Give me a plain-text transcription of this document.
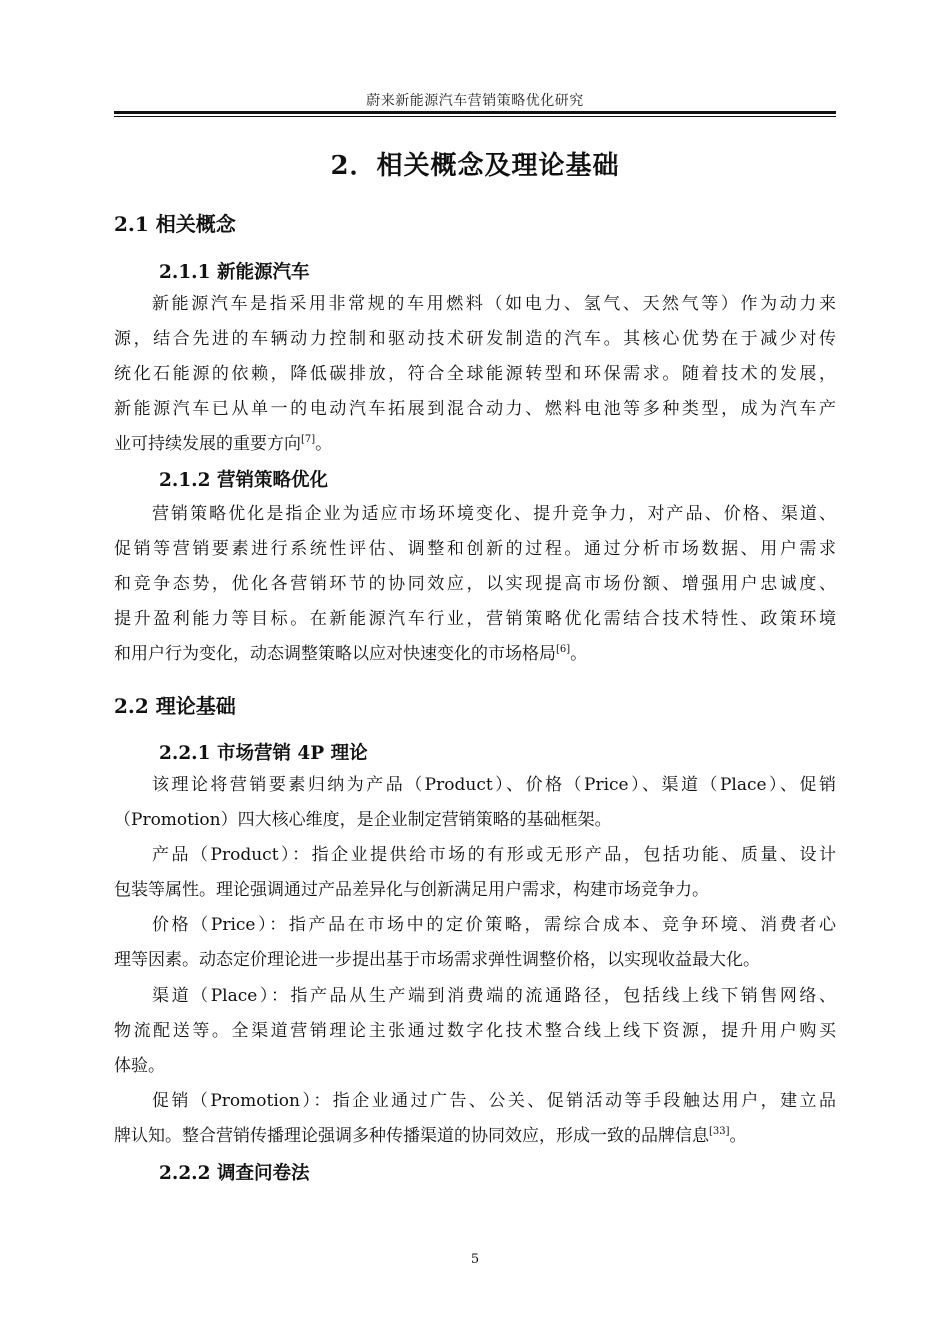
蔚来新能源汽车营销策略优化研究
2．相关概念及理论基础
2.1 相关概念
2.1.1 新能源汽车
新能源汽车是指采用非常规的车用燃料（如电力、氢气、天然气等）作为动力来
源，结合先进的车辆动力控制和驱动技术研发制造的汽车。其核心优势在于减少对传
统化石能源的依赖，降低碳排放，符合全球能源转型和环保需求。随着技术的发展，
新能源汽车已从单一的电动汽车拓展到混合动力、燃料电池等多种类型，成为汽车产
业可持续发展的重要方向[7]。
2.1.2 营销策略优化
营销策略优化是指企业为适应市场环境变化、提升竞争力，对产品、价格、渠道、
促销等营销要素进行系统性评估、调整和创新的过程。通过分析市场数据、用户需求
和竞争态势，优化各营销环节的协同效应，以实现提高市场份额、增强用户忠诚度、
提升盈利能力等目标。在新能源汽车行业，营销策略优化需结合技术特性、政策环境
和用户行为变化，动态调整策略以应对快速变化的市场格局[6]。
2.2 理论基础
2.2.1 市场营销 4P 理论
该理论将营销要素归纳为产品（Product）、价格（Price）、渠道（Place）、促销
（Promotion）四大核心维度，是企业制定营销策略的基础框架。
产品（Product）：指企业提供给市场的有形或无形产品，包括功能、质量、设计
包装等属性。理论强调通过产品差异化与创新满足用户需求，构建市场竞争力。
价格（Price）：指产品在市场中的定价策略，需综合成本、竞争环境、消费者心
理等因素。动态定价理论进一步提出基于市场需求弹性调整价格，以实现收益最大化。
渠道（Place）：指产品从生产端到消费端的流通路径，包括线上线下销售网络、
物流配送等。全渠道营销理论主张通过数字化技术整合线上线下资源，提升用户购买
体验。
促销（Promotion）：指企业通过广告、公关、促销活动等手段触达用户，建立品
牌认知。整合营销传播理论强调多种传播渠道的协同效应，形成一致的品牌信息[33]。
2.2.2 调查问卷法
5
